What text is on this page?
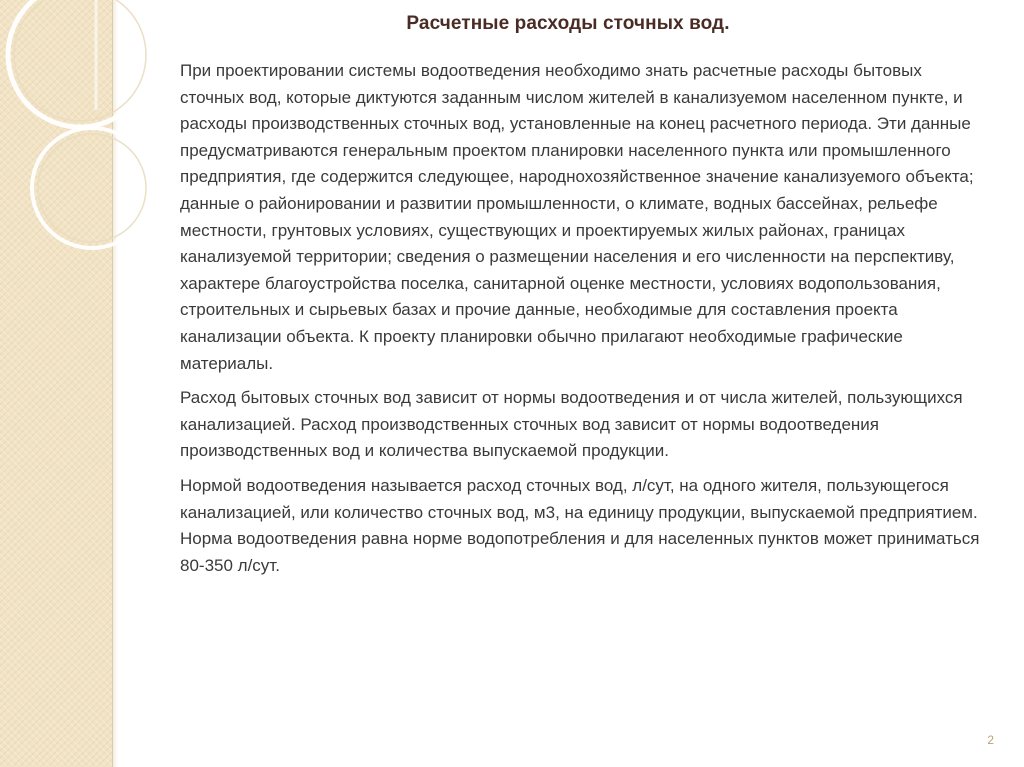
Расчетные расходы сточных вод.

При проектировании системы водоотведения необходимо знать расчетные расходы бытовых сточных вод, которые диктуются заданным числом жителей в канализуемом населенном пункте, и расходы производственных сточных вод, установленные на конец расчетного периода. Эти данные предусматриваются генеральным проектом планировки населенного пункта или промышленного предприятия, где содержится следующее, народнохозяйственное значение канализуемого объекта; данные о районировании и развитии промышленности, о климате, водных бассейнах, рельефе местности, грунтовых условиях, существующих и проектируемых жилых районах, границах канализуемой территории; сведения о размещении населения и его численности на перспективу, характере благоустройства поселка, санитарной оценке местности, условиях водопользования, строительных и сырьевых базах и прочие данные, необходимые для составления проекта канализации объекта. К проекту планировки обычно прилагают необходимые графические материалы.

Расход бытовых сточных вод зависит от нормы водоотведения и от числа жителей, пользующихся канализацией. Расход производственных сточных вод зависит от нормы водоотведения производственных вод и количества выпускаемой продукции.

Нормой водоотведения называется расход сточных вод, л/сут, на одного жителя, пользующегося канализацией, или количество сточных вод, м3, на единицу продукции, выпускаемой предприятием. Норма водоотведения равна норме водопотребления и для населенных пунктов может приниматься 80-350 л/сут.

2
